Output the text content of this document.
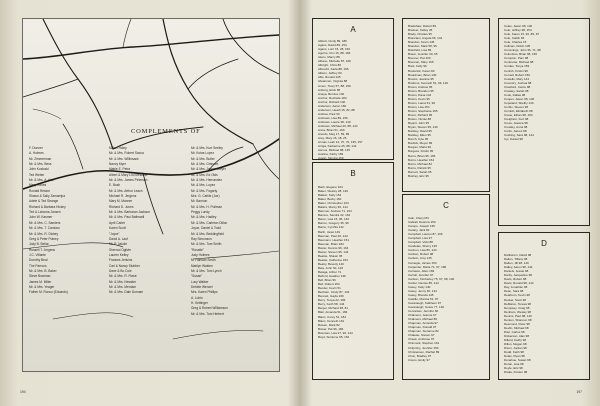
COMPLEMENTS OF
F. Dunner
A. Holmes
Mr. Zimmerman
Mr. & Mrs. Bess
John Kosloski
Ted Weber
Mr. & Mrs. A. Hall
Mary Hanes
Ronald Reston
Shawn & Sally Zamarripa
Adele & Ted Strange
Richard & Barbara Hickey
Ted & Lahoma Jansen
John W. Kasmer
Mr. & Mrs. C. Sanders
Mr. & Mrs. T. Cardoso
Mr. & Mrs. R. Dickey
Greg & Peter Putney
Jody B. Bellar
Russell T. Jergens
J.C. Villante
Dorothy Beal
The Parrons
Mr. & Mrs. B. Baker
Steve Bowman
James M. Miller
Mr. & Mrs. Yeager
Father M. Ronco (Eduardo)
Mabel Holey
Mr. & Mrs. Robert Sacca
Mr. & Mrs. Willinsack
Nancy Myer
Mable E. Petra
Albert & Mary Lou Meloche
Mr. & Mrs. James Peterson
E. Bush
Mr. & Mrs. Arthur Leach
Michael R. Jergens
Mary M. Manner
Richard D. Jones
Mr. & Mrs. Barbaran Jackson
Mr. & Mrs. Paul Bathswill
April Carter
Karen Scott
"Joyce"
David A. Lauf
Mr. P. Jakobi
Sherrod Ogilvie
Lauren Kelley
Frances Jenkins
Carl & Nancy Stubber
Dave & Bo Cole
Mr. & Mrs. R. Rowe
Mr. & Mrs. Nessiter
Mr. & Mrs. Merriam
Mr. & Mrs. Dale Dornam
Mr. & Mrs. Kurt Seeley
Mr. Kotas Lopez
Mr. & Mrs. Butler
Mr. & Mrs. Grissom
Mr. & Mrs. Jasper Dwyer
Mr. & Mrs. Ed Olds
Mr. & Mrs. Hernandez
Mr. & Mrs. Lopez
Mr. & Mrs. Fogarty
Mrs. G. Carlile (Joe)
Mr. Bannon
Mr. & Mrs. H. Pullman
Peggy Lundy
Mr. & Mrs. Hadley
Mr. & Mrs. Carleton Dillon
Joyce, Daniel & Todd
Mr. & Mrs. Beddingfield
Ray Simonson
Mr. & Mrs. Tom Smith
"Rosalie"
Judy Holmes
M. Hanson-Smith
Marilyn Walden
Mr. & Mrs. Tom Lynch
"Susan"
Lucy Walker
Debbie Wenzel
Mrs. Karen Phillips
A. Lubin
H. Kettinger
Greg & Robert Williamson
Mr. & Mrs. Tom Herbert
194
A
Abbott, Cindy 89, 186
Agans, David 89, 154
Agans, Lorri 15, 28, 150
Aguirre, Kim 15, 88, 166
Akers, Marcy 88
Albano, Michelle 87, 166
Albright, Chris 86
Albrecht, Karla 88, 166
Allison, Jeffrey 60
Allis, Ronald 135
Alwarman, Virginia 88
Amen, Tracy 57, 88, 159
Anberg, Erick 86
Anaya, Bernice 140
Anchor, Rochelle 184
Anchor, Richard 140
Anderson, Aaron 160
Anderson, Heath 15, 82, 88
Andrea, Paul 30
Andrews, Lisa 89, 156
Andrews, Laurie 38, 140
Andrews, Michael 20, 88, 144
Anna, Brian 51, 169
Arends, Meg 17, 59, 89
Arey, Mary 16, 18, 25
Armas, Leah 12, 37, 70, 135, 157
Arriga, Katherine 25, 88, 144
Asmus, Michael 88, 135
Austine, Kathy 183
Austin, Monica 150
B
Bach, Eugene 164
Baker, Wesley 28, 149
Bakker, Kelly 164
Baker, Becky 160
Baker, Christopher 164
Balazs, Marcy 96, 144
Bammer, Andrew 71, 164
Barrere, Sandra 32, 164
Baron, Lisa 15, 96, 140
Barron, Gregory 35, 96
Barrie, Cynthia 132
Barth, Janet 149
Bauman, Paul 20, 144
Baumann, Heather 151
Bauman, Brian 184
Baxter, Dennis 96, 164
Baxter, Steven 95, 144
Beattie, Shawn 95
Beattie, Catherine 154
Beatty, Beverly 140
Bela, John 60, 146
Belaga, Arthur 71
Belford, Heather 136
Bell, Brian 96
Bell, Robert 154
Bender, Kevin 51
Benham, Cindy 87, 133
Bennett, Gayla 169
Berry, Tonya 22, 184
Berry, Keith 58, 144
Berger, Richard 38, 81
Blair, Amanda 51, 184
Blanc, Corey 51, 184
Blanc, Kenneth 161
Bowen, Mark 82
Bower, Pat 96, 184
Bowman, Lisa 37, 96, 144
Boyd, Suzanne 95, 154
Bradshaw, Robert 89
Brazeer, Kelley 35
Brady, Charles 95
Branciani, Angela 96, 144
Brandon, Kevin 145
Brandon, Mark 58, 95
Branfield, Lisa 89
Braun, Jennifer 30, 95
Brenner, Pat 100
Brennan, Mary 165
Brett, Kelly 96
Broderick, Karen 82
Broadman, Brian 140
Brooks, Jeanine 95
Brothers, Kenneth 51, 96, 140
Brown, Andrew 95
Brown, Brandon 95
Brown, Dana 144
Brown, Kevin 95
Brown, Laura 51, 96
Brown, Lisa 154
Brown, Stephanie 165
Bruno, Richard 95
Bruton, Nicole 88
Bryant, John 95
Bryan, Steven 95, 140
Buckley, David 95
Buckley, Ellen 95
Bunch, Kyle 95
Burdick, Meyer 89
Burgan, Maria 90
Burgess, Kristin 95
Burns, Brian 95, 165
Burns, Heather 154
Burns, Michael 82
Burns, Patrick 95
Burnett, Sarah 95
Bushey, Eric 95
C
Cain, Cheryl 84
Cabrall, Deanna 150
Campo, Joseph 135
Canary, Jack 82
Campbell, Lauren 87, 166
Campbell, Lisa 97
Campbell, Vicki 88
Candelas, Sherry 135
Cannon, Lisa 89, 144
Carlson, Robert 98
Carlson, Amy 145
Carnegie, James 154
Carpenter, Maria 71, 97, 180
Carrasco, Allen 169
Carroll, Jennifer 97
Carlson, Kimberley 75, 97, 98, 140
Cartier, Denise 85, 144
Casey, Kelly 140
Casey, Jenny 60, 144
Casey, Brenda 145
Castillo, Monica 51, 97
Cavanaugh, Kathleen 97
Cavanaugh, Grace 77, 140
Cervantes, Jennifer 60
Chalmers, Jeanne 97
Chalmers, Michael 86
Chapman, Amanda 97
Chapman, Donald 97
Chapman, Suzanne 82
Chateau, Steven 97
Cheek, Ambrose 97
Chinnock, Stephen 161
Chirpichy, Jennifer 150
Christensen, Rachel 89
Chun, Bradley 97
Cicero, Emily 97
Coles, Jason 98, 140
Cole, Jeffrey 98, 154
Cole, Karen 15, 20, 89, 97
Cole, Caitlin 84
Cole, Charles 15
Cullinan, Robin 135
Cummings, John 35, 71, 98
Columbus, Brian 98, 150
Compton, Pam 98
Contreras, Michael 98
Cordes, Tonya 159
Corinth, Kristin 98
Cornell, Robert 150
Costello, Mary 144
Coventry, Joshua 98
Crawford, Carrie 98
Crawley, Sarah 98
Cook, Dallas 98
Cooper, Jason 98, 145
Copeland, Shelby 140
Corbin, Steven 98
Cornish, Elizabeth 98
Crane, Ethan 98, 154
Creighton, Kurt 98
Cross, Jessica 98
Crowley, Anna 98
Curtis, James 98
Cushing, Sara 98, 144
Cyr, Daniel 98
D
Dahlstrom, David 98
Dalton, Tiffany 98
Dalton, Jill 98, 140
Dalley, Aaron 98, 144
Daniels, Jessie 98
Darby, Jacqueline 98
Davis, Robert 98
Davis, Ronald 98, 144
Day, Jonathan 98
Dean, Sara 98
Dearborn, Kevin 98
Decker, Scott 98
DeMarco, Teresa 98
Dempsey, Craig 98
Denham, Wesley 98
Dennis, Paul 98, 140
Denton, Shannon 98
Desmond, Peter 98
Devlin, Michael 98
Diaz, Carlos 98
Dickerson, Alan 98
Dillard, Kathy 98
Dillon, Megan 98
Dixon, Jordan 98
Dodd, Keith 98
Dolan, Ryan 98
Donahue, Susan 98
Doran, Lisa 98
Doyle, Eric 98
Drake, Kristen 98
197
